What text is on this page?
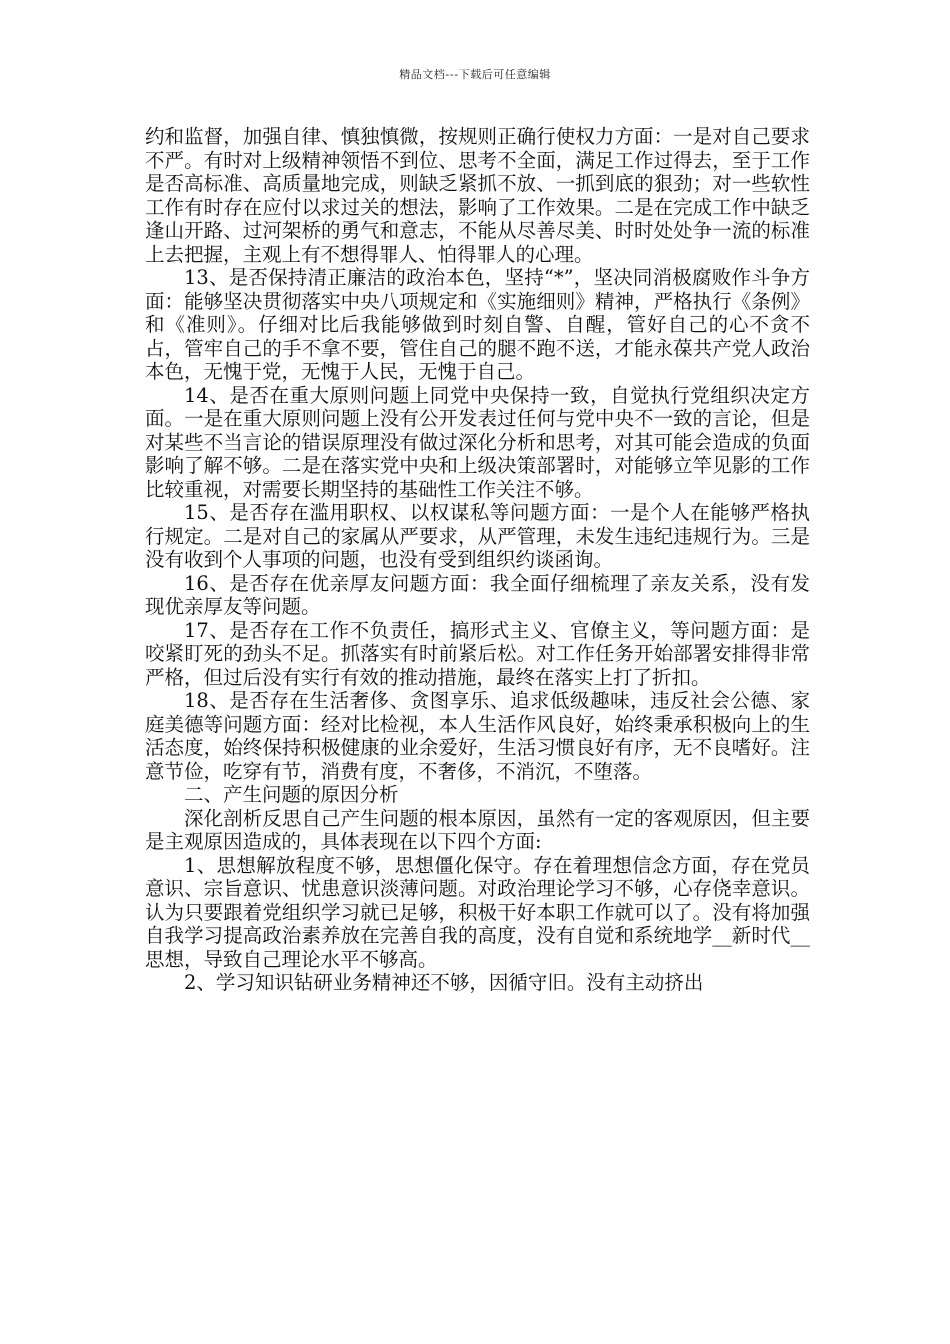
精品文档---下载后可任意编辑

约和监督，加强自律、慎独慎微，按规则正确行使权力方面：一是对自己要求不严。有时对上级精神领悟不到位、思考不全面，满足工作过得去，至于工作是否高标准、高质量地完成，则缺乏紧抓不放、一抓到底的狠劲；对一些软性工作有时存在应付以求过关的想法，影响了工作效果。二是在完成工作中缺乏逢山开路、过河架桥的勇气和意志，不能从尽善尽美、时时处处争一流的标准上去把握，主观上有不想得罪人、怕得罪人的心理。

13、是否保持清正廉洁的政治本色，坚持“*”，坚决同消极腐败作斗争方面：能够坚决贯彻落实中央八项规定和《实施细则》精神，严格执行《条例》和《准则》。仔细对比后我能够做到时刻自警、自醒，管好自己的心不贪不占，管牢自己的手不拿不要，管住自己的腿不跑不送，才能永葆共产党人政治本色，无愧于党，无愧于人民，无愧于自己。

14、是否在重大原则问题上同党中央保持一致，自觉执行党组织决定方面。一是在重大原则问题上没有公开发表过任何与党中央不一致的言论，但是对某些不当言论的错误原理没有做过深化分析和思考，对其可能会造成的负面影响了解不够。二是在落实党中央和上级决策部署时，对能够立竿见影的工作比较重视，对需要长期坚持的基础性工作关注不够。

15、是否存在滥用职权、以权谋私等问题方面：一是个人在能够严格执行规定。二是对自己的家属从严要求，从严管理，未发生违纪违规行为。三是没有收到个人事项的问题，也没有受到组织约谈函询。

16、是否存在优亲厚友问题方面：我全面仔细梳理了亲友关系，没有发现优亲厚友等问题。

17、是否存在工作不负责任，搞形式主义、官僚主义，等问题方面：是咬紧盯死的劲头不足。抓落实有时前紧后松。对工作任务开始部署安排得非常严格，但过后没有实行有效的推动措施，最终在落实上打了折扣。

18、是否存在生活奢侈、贪图享乐、追求低级趣味，违反社会公德、家庭美德等问题方面：经对比检视，本人生活作风良好，始终秉承积极向上的生活态度，始终保持积极健康的业余爱好，生活习惯良好有序，无不良嗜好。注意节俭，吃穿有节，消费有度，不奢侈，不消沉，不堕落。

二、产生问题的原因分析

深化剖析反思自己产生问题的根本原因，虽然有一定的客观原因，但主要是主观原因造成的，具体表现在以下四个方面:

1、思想解放程度不够，思想僵化保守。存在着理想信念方面，存在党员意识、宗旨意识、忧患意识淡薄问题。对政治理论学习不够，心存侥幸意识。认为只要跟着党组织学习就已足够，积极干好本职工作就可以了。没有将加强自我学习提高政治素养放在完善自我的高度，没有自觉和系统地学__新时代__思想，导致自己理论水平不够高。

2、学习知识钻研业务精神还不够，因循守旧。没有主动挤出
